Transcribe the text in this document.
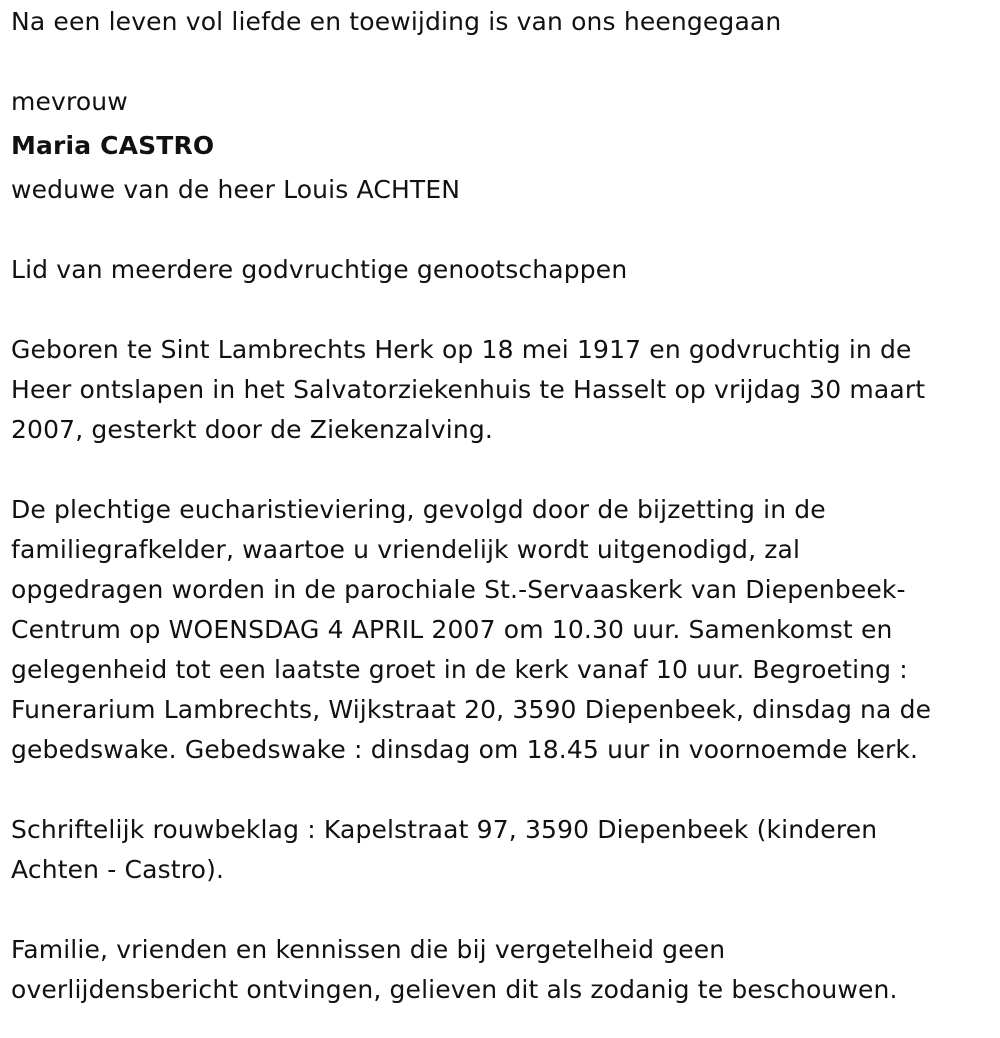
Na een leven vol liefde en toewijding is van ons heengegaan
mevrouw
Maria CASTRO
weduwe van de heer Louis ACHTEN
Lid van meerdere godvruchtige genootschappen
Geboren te Sint Lambrechts Herk op 18 mei 1917 en godvruchtig in de
Heer ontslapen in het Salvatorziekenhuis te Hasselt op vrijdag 30 maart
2007, gesterkt door de Ziekenzalving.
De plechtige eucharistieviering, gevolgd door de bijzetting in de
familiegrafkelder, waartoe u vriendelijk wordt uitgenodigd, zal
opgedragen worden in de parochiale St.-Servaaskerk van Diepenbeek-
Centrum op WOENSDAG 4 APRIL 2007 om 10.30 uur. Samenkomst en
gelegenheid tot een laatste groet in de kerk vanaf 10 uur. Begroeting :
Funerarium Lambrechts, Wijkstraat 20, 3590 Diepenbeek, dinsdag na de
gebedswake. Gebedswake : dinsdag om 18.45 uur in voornoemde kerk.
Schriftelijk rouwbeklag : Kapelstraat 97, 3590 Diepenbeek (kinderen
Achten - Castro).
Familie, vrienden en kennissen die bij vergetelheid geen
overlijdensbericht ontvingen, gelieven dit als zodanig te beschouwen.
